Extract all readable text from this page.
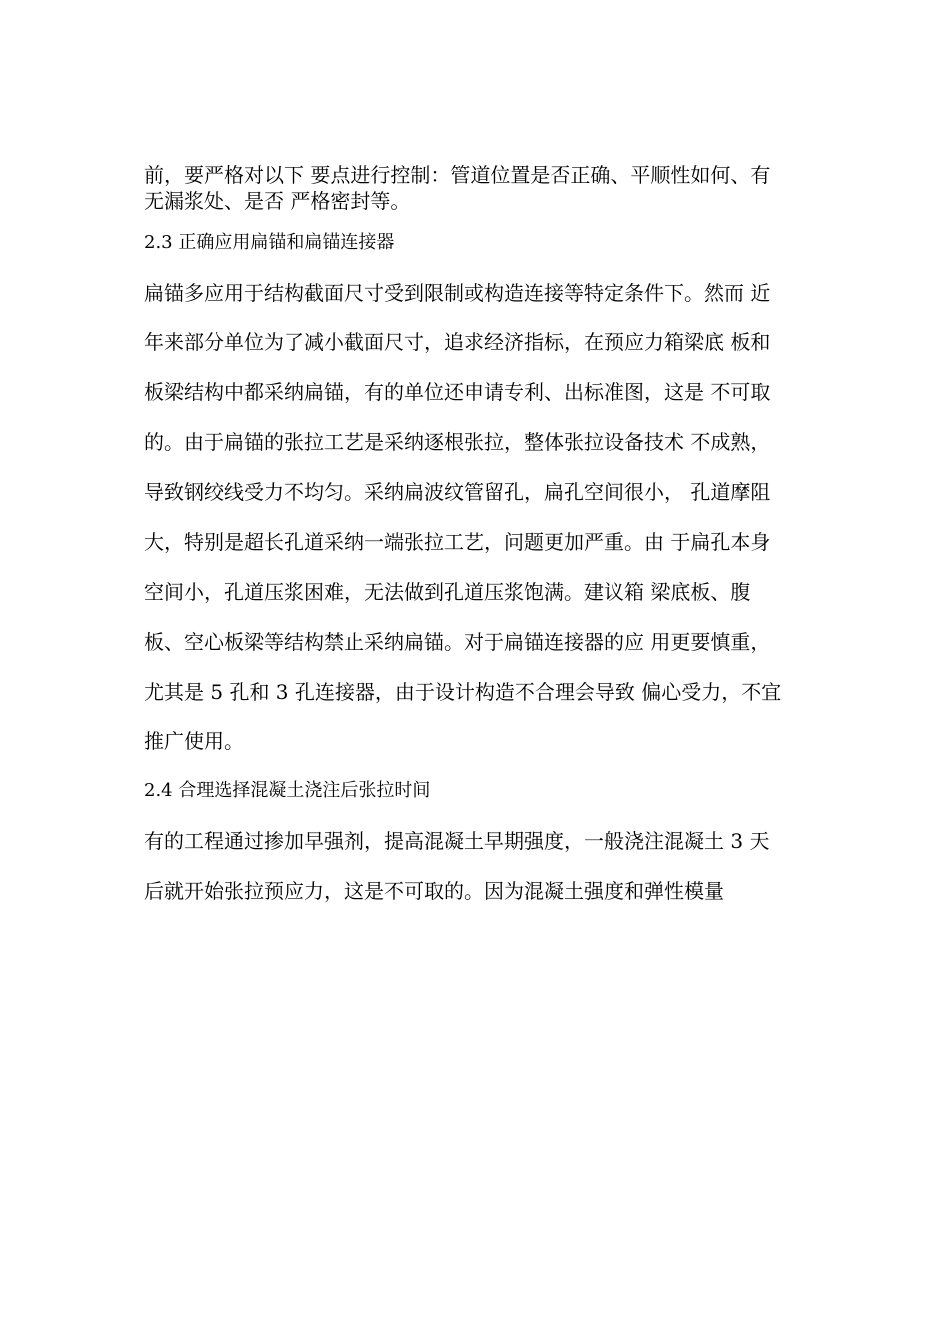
前，要严格对以下 要点进行控制：管道位置是否正确、平顺性如何、有
无漏浆处、是否 严格密封等。
2.3 正确应用扁锚和扁锚连接器
扁锚多应用于结构截面尺寸受到限制或构造连接等特定条件下。然而 近
年来部分单位为了减小截面尺寸，追求经济指标，在预应力箱梁底 板和
板梁结构中都采纳扁锚，有的单位还申请专利、出标准图，这是 不可取
的。由于扁锚的张拉工艺是采纳逐根张拉，整体张拉设备技术 不成熟，
导致钢绞线受力不均匀。采纳扁波纹管留孔，扁孔空间很小， 孔道摩阻
大，特别是超长孔道采纳一端张拉工艺，问题更加严重。由 于扁孔本身
空间小，孔道压浆困难，无法做到孔道压浆饱满。建议箱 梁底板、腹
板、空心板梁等结构禁止采纳扁锚。对于扁锚连接器的应 用更要慎重，
尤其是 5 孔和 3 孔连接器，由于设计构造不合理会导致 偏心受力，不宜
推广使用。
2.4 合理选择混凝土浇注后张拉时间
有的工程通过掺加早强剂，提高混凝土早期强度，一般浇注混凝土 3 天
后就开始张拉预应力，这是不可取的。因为混凝土强度和弹性模量
